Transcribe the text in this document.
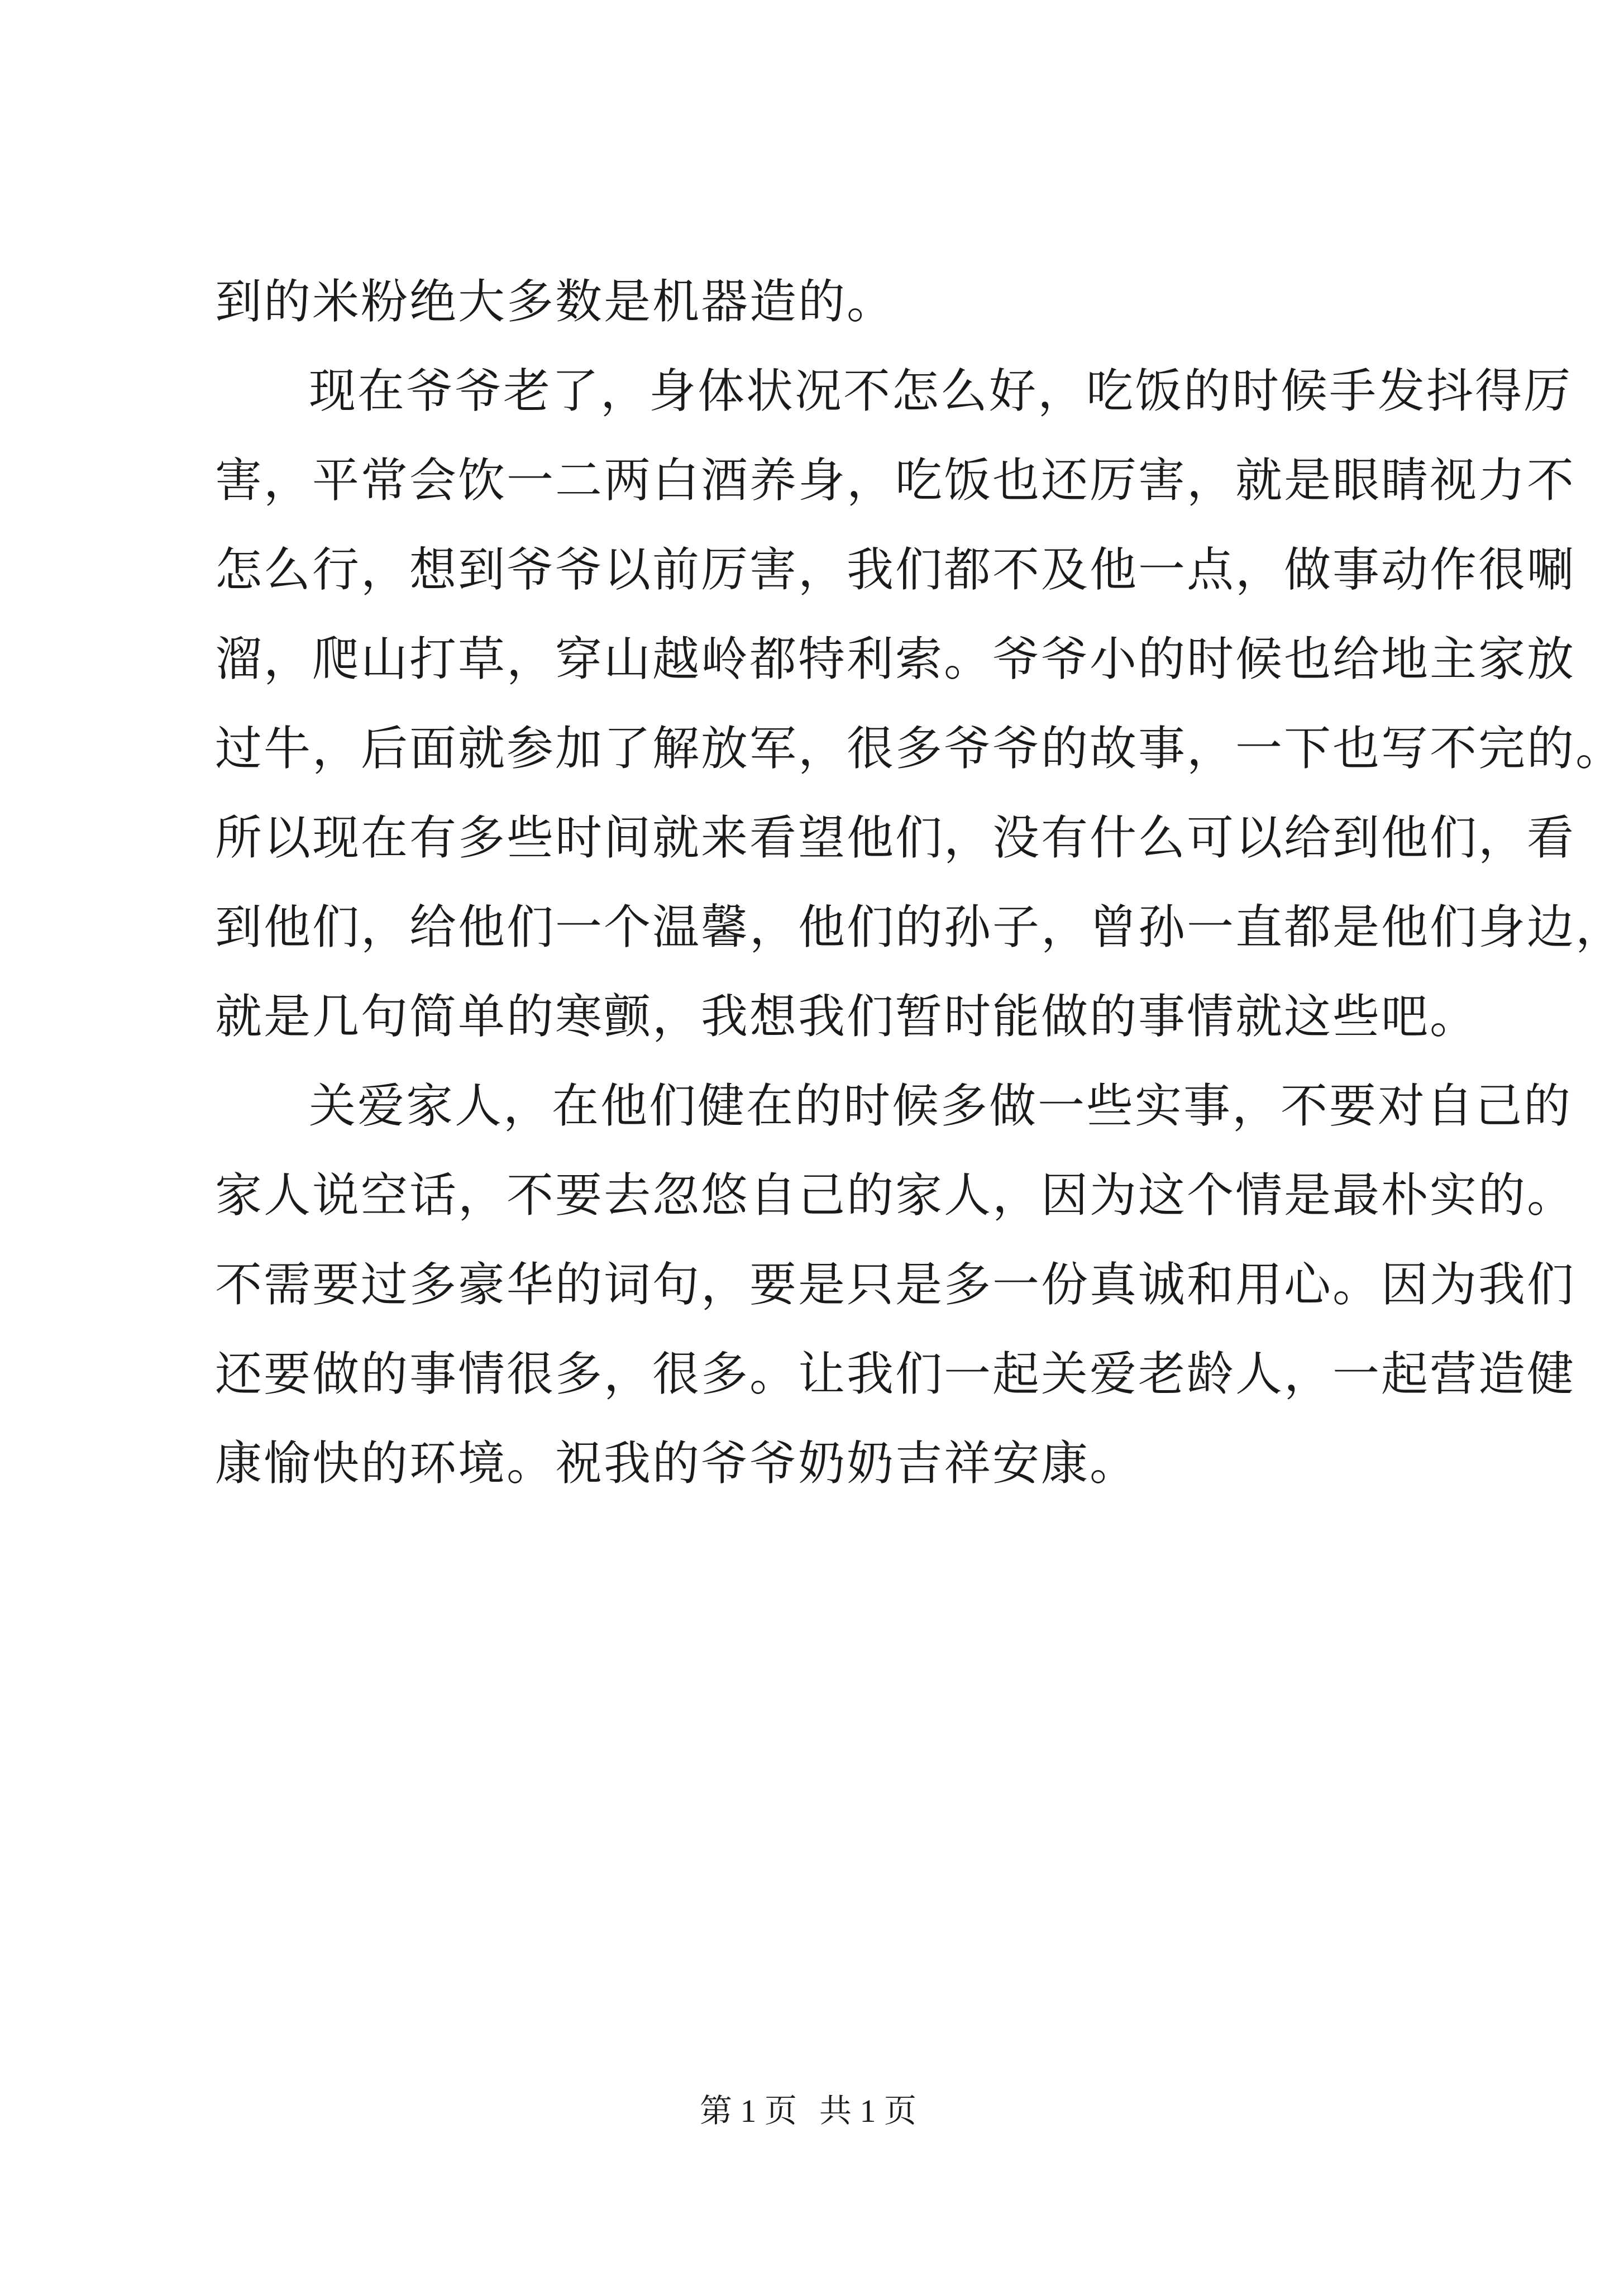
到的米粉绝大多数是机器造的。
现在爷爷老了，身体状况不怎么好，吃饭的时候手发抖得厉
害，平常会饮一二两白酒养身，吃饭也还厉害，就是眼睛视力不
怎么行，想到爷爷以前厉害，我们都不及他一点，做事动作很唰
溜，爬山打草，穿山越岭都特利索。爷爷小的时候也给地主家放
过牛，后面就参加了解放军，很多爷爷的故事，一下也写不完的。
所以现在有多些时间就来看望他们，没有什么可以给到他们，看
到他们，给他们一个温馨，他们的孙子，曾孙一直都是他们身边，
就是几句简单的寒颤，我想我们暂时能做的事情就这些吧。
关爱家人，在他们健在的时候多做一些实事，不要对自己的
家人说空话，不要去忽悠自己的家人，因为这个情是最朴实的。
不需要过多豪华的词句，要是只是多一份真诚和用心。因为我们
还要做的事情很多，很多。让我们一起关爱老龄人，一起营造健
康愉快的环境。祝我的爷爷奶奶吉祥安康。
第 1 页 共 1 页
